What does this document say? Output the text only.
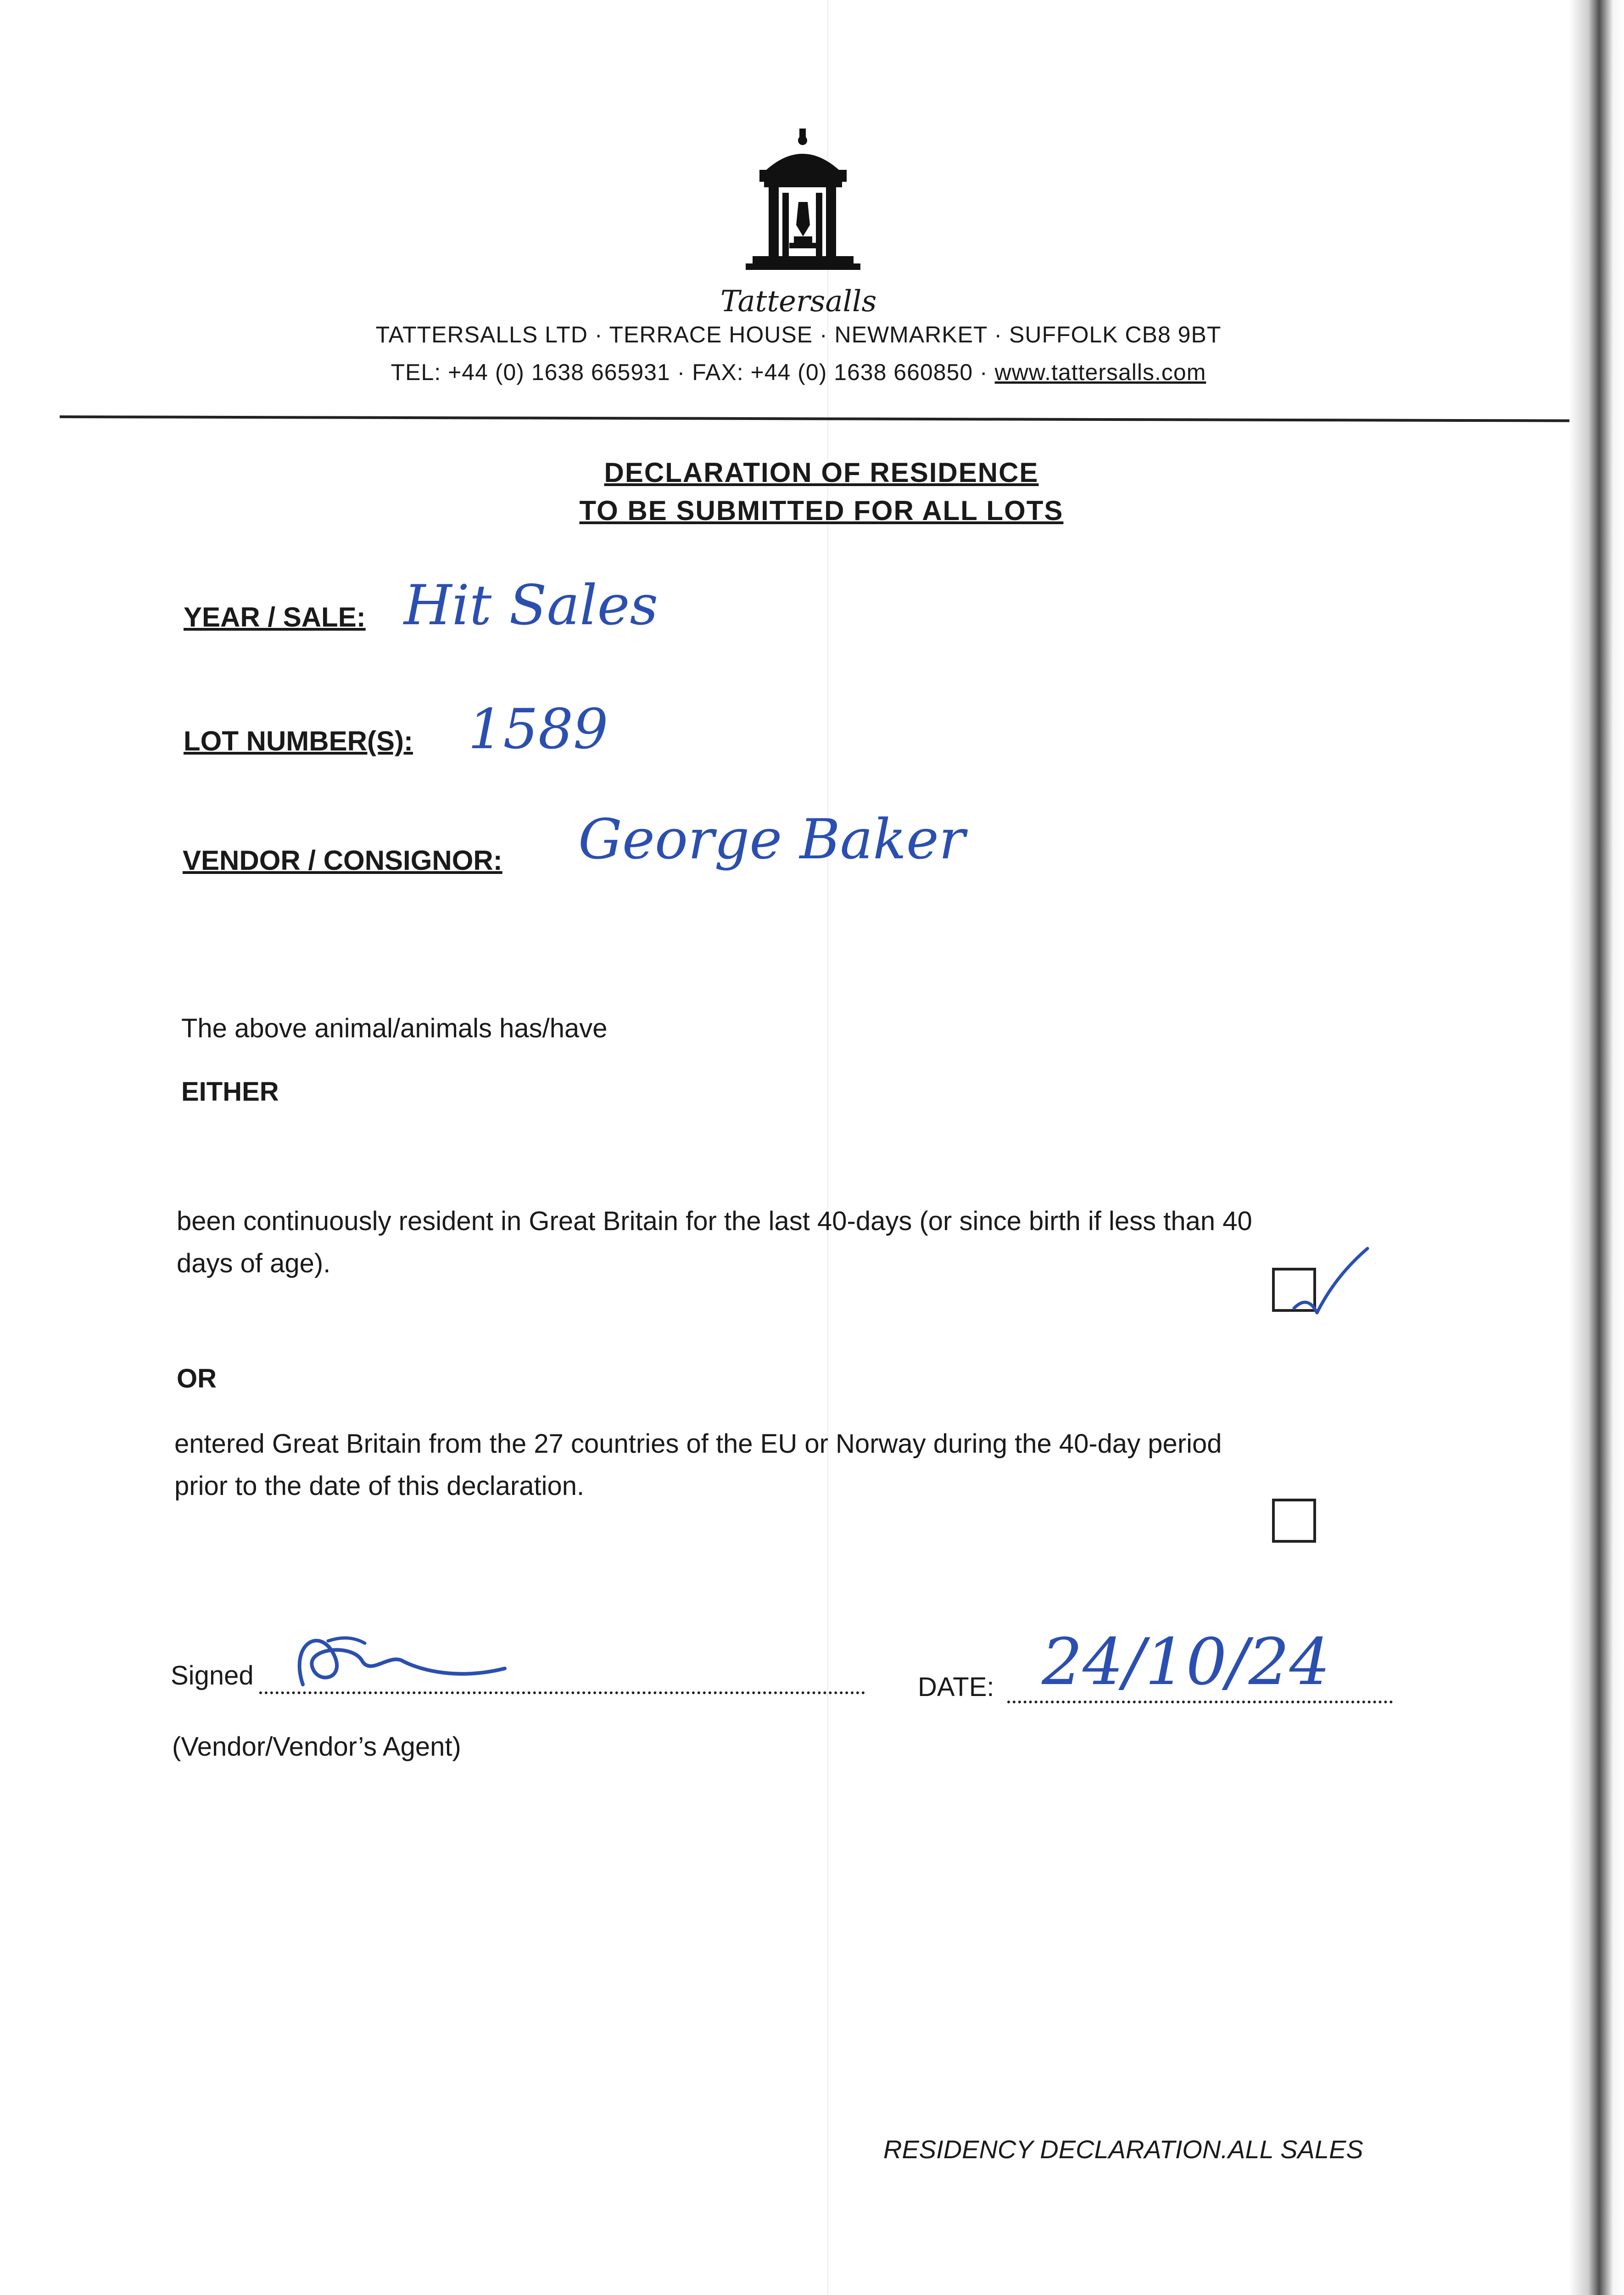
Tattersalls
TATTERSALLS LTD · TERRACE HOUSE · NEWMARKET · SUFFOLK CB8 9BT
TEL: +44 (0) 1638 665931 · FAX: +44 (0) 1638 660850 · www.tattersalls.com
DECLARATION OF RESIDENCE
TO BE SUBMITTED FOR ALL LOTS
YEAR / SALE: Hit Sales
LOT NUMBER(S): 1589
VENDOR / CONSIGNOR: George Baker
The above animal/animals has/have
EITHER
been continuously resident in Great Britain for the last 40-days (or since birth if less than 40
days of age).
OR
entered Great Britain from the 27 countries of the EU or Norway during the 40-day period
prior to the date of this declaration.
Signed
(Vendor/Vendor’s Agent)
DATE: 24/10/24
RESIDENCY DECLARATION.ALL SALES
